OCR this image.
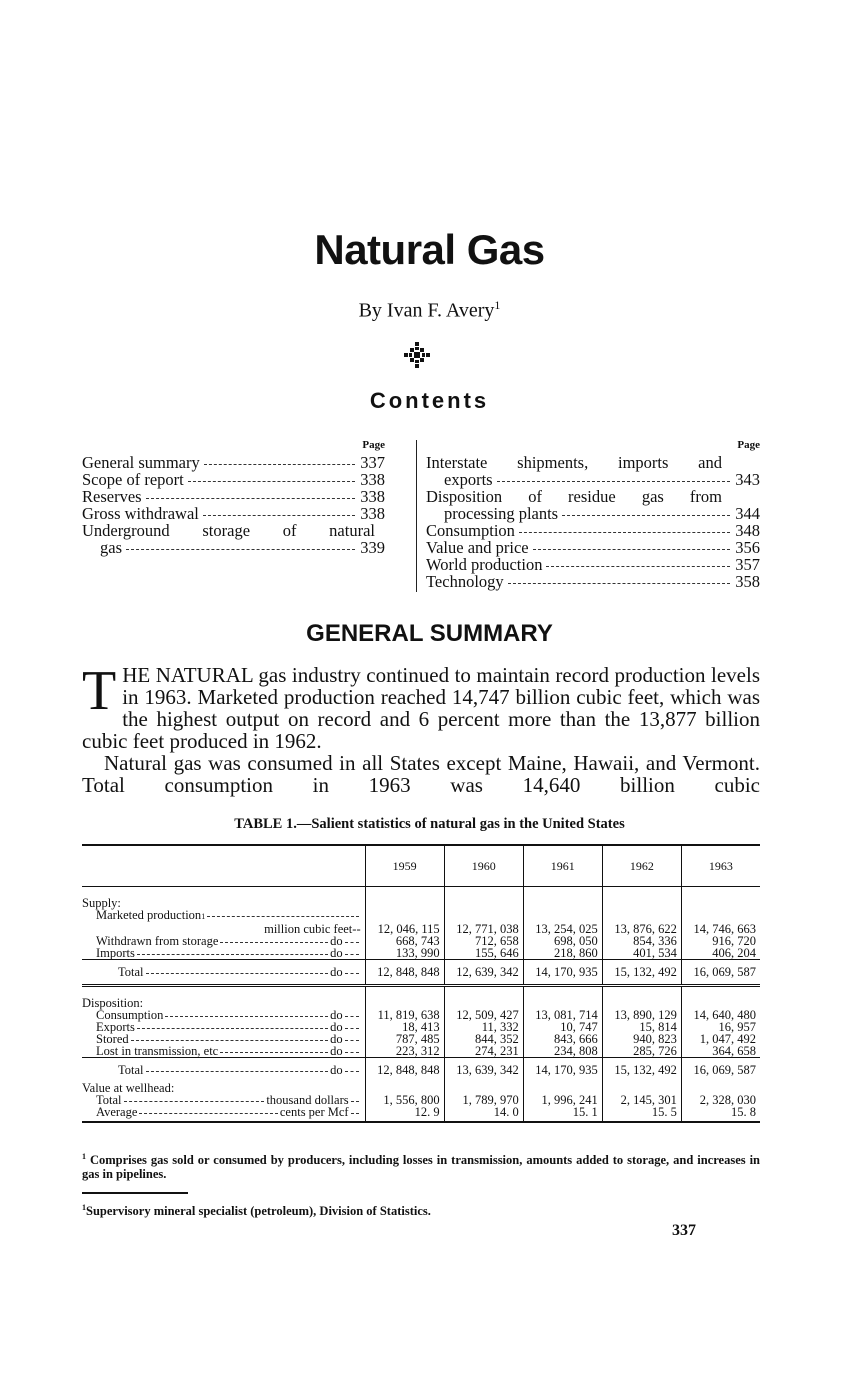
Natural Gas
By Ivan F. Avery$^1$
Contents
Page
General summary	337
Scope of report	338
Reserves	338
Gross withdrawal	338
Underground storage of natural
gas	339
Page
Interstate shipments, imports and
exports	343
Disposition of residue gas from
processing plants	344
Consumption	348
Value and price	356
World production	357
Technology	358
GENERAL SUMMARY

THE NATURAL gas industry continued to maintain record production levels in 1963. Marketed production reached 14,747 billion cubic feet, which was the highest output on record and 6 percent more than the 13,877 billion cubic feet produced in 1962.

Natural gas was consumed in all States except Maine, Hawaii, and Vermont. Total consumption in 1963 was 14,640 billion cubic

TABLE 1.—Salient statistics of natural gas in the United States
	1959	1960	1961	1962	1963

Supply:					

Marketed production 1					

million cubic feet--	12, 046, 115	12, 771, 038	13, 254, 025	13, 876, 622	14, 746, 663

Withdrawn from storage do	668, 743	712, 658	698, 050	854, 336	916, 720

Imports do	133, 990	155, 646	218, 860	401, 534	406, 204

Total do	12, 848, 848	12, 639, 342	14, 170, 935	15, 132, 492	16, 069, 587

Disposition:					

Consumption do	11, 819, 638	12, 509, 427	13, 081, 714	13, 890, 129	14, 640, 480

Exports do	18, 413	11, 332	10, 747	15, 814	16, 957

Stored do	787, 485	844, 352	843, 666	940, 823	1, 047, 492

Lost in transmission, etc do	223, 312	274, 231	234, 808	285, 726	364, 658

Total do	12, 848, 848	13, 639, 342	14, 170, 935	15, 132, 492	16, 069, 587
Value at wellhead:					

Total thousand dollars	1, 556, 800	1, 789, 970	1, 996, 241	2, 145, 301	2, 328, 030

Average cents per Mcf	12. 9	14. 0	15. 1	15. 5	15. 8
$^1$ Comprises gas sold or consumed by producers, including losses in transmission, amounts added to storage, and increases in gas in pipelines.
$^1$Supervisory mineral specialist (petroleum), Division of Statistics.
337
